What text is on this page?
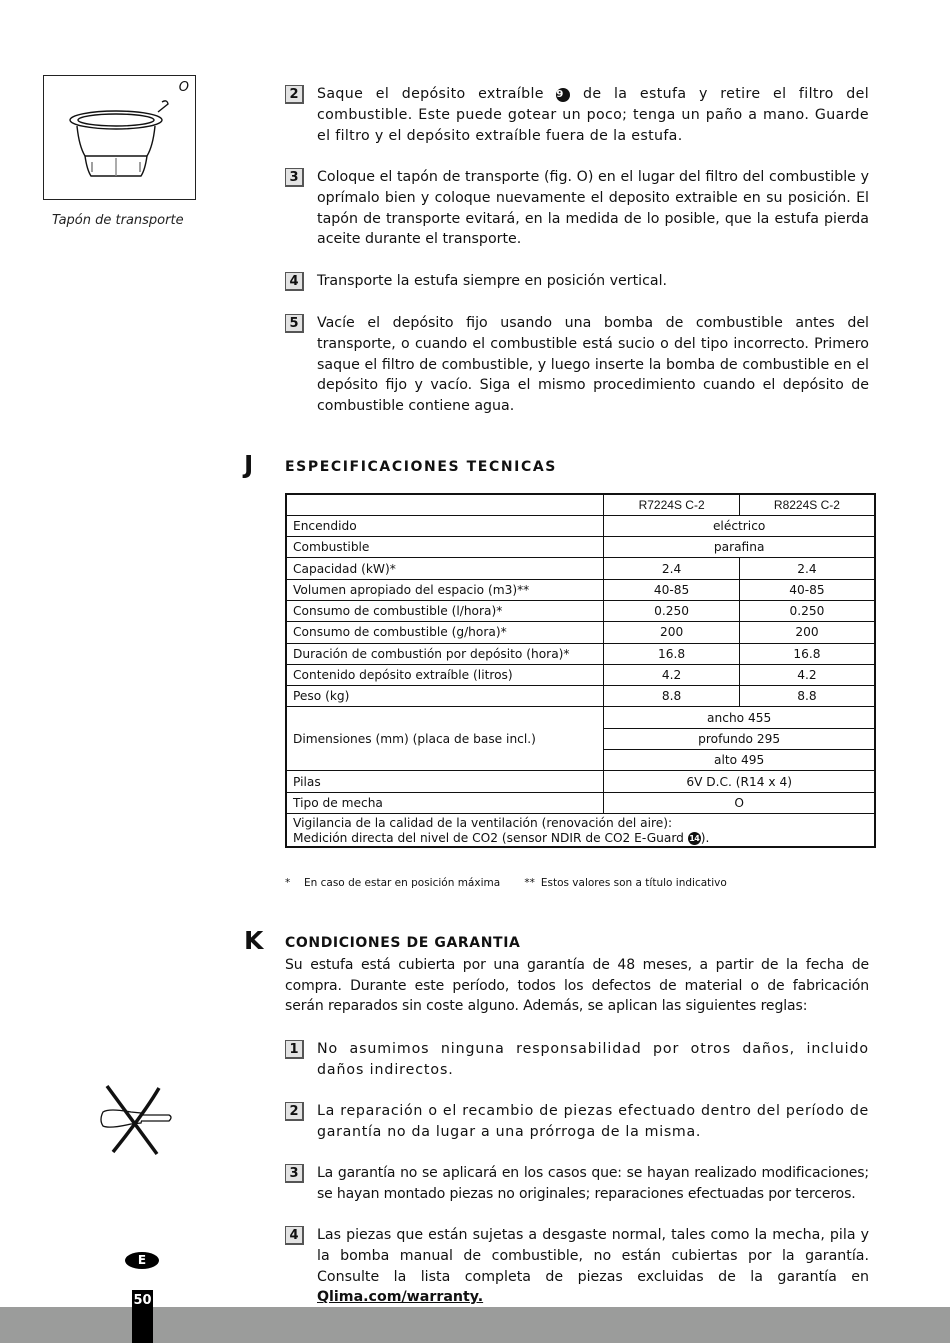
O
Tapón de transporte
2	Saque el depósito extraíble 9 de la estufa y retire el filtro del combustible. Este puede gotear un poco; tenga un paño a mano. Guarde el filtro y el depósito extraíble fuera de la estufa.
3	Coloque el tapón de transporte (fig. O) en el lugar del filtro del combustible y oprímalo bien y coloque nuevamente el deposito extraible en su posición. El tapón de transporte evitará, en la medida de lo posible, que la estufa pierda aceite durante el transporte.
4	Transporte la estufa siempre en posición vertical.
5	Vacíe el depósito fijo usando una bomba de combustible antes del transporte, o cuando el combustible está sucio o del tipo incorrecto. Primero saque el filtro de combustible, y luego inserte la bomba de combustible en el depósito fijo y vacío. Siga el mismo procedimiento cuando el depósito de combustible contiene agua.
J ESPECIFICACIONES TECNICAS
	R7224S C-2	R8224S C-2
Encendido	eléctrico	
Combustible	parafina	
Capacidad (kW)*	2.4	2.4
Volumen apropiado del espacio (m3)**	40-85	40-85
Consumo de combustible (l/hora)*	0.250	0.250
Consumo de combustible (g/hora)*	200	200
Duración de combustión por depósito (hora)*	16.8	16.8
Contenido depósito extraíble (litros)	4.2	4.2
Peso (kg)	8.8	8.8
Dimensiones (mm) (placa de base incl.)	ancho 455	
	profundo 295	
	alto 495	
Pilas	6V D.C. (R14 x 4)	
Tipo de mecha	O	

Vigilancia de la calidad de la ventilación (renovación del aire):
Medición directa del nivel de CO2 (sensor NDIR de CO2 E-Guard 14).		
* En caso de estar en posición máxima ** Estos valores son a título indicativo
K CONDICIONES DE GARANTIA
Su estufa está cubierta por una garantía de 48 meses, a partir de la fecha de compra. Durante este período, todos los defectos de material o de fabricación serán reparados sin coste alguno. Además, se aplican las siguientes reglas:
1	No asumimos ninguna responsabilidad por otros daños, incluido daños indirectos.
2	La reparación o el recambio de piezas efectuado dentro del período de garantía no da lugar a una prórroga de la misma.
3	La garantía no se aplicará en los casos que: se hayan realizado modificaciones; se hayan montado piezas no originales; reparaciones efectuadas por terceros.
4	Las piezas que están sujetas a desgaste normal, tales como la mecha, pila y la bomba manual de combustible, no están cubiertas por la garantía. Consulte la lista completa de piezas excluidas de la garantía en Qlima.com/warranty.
E
50
